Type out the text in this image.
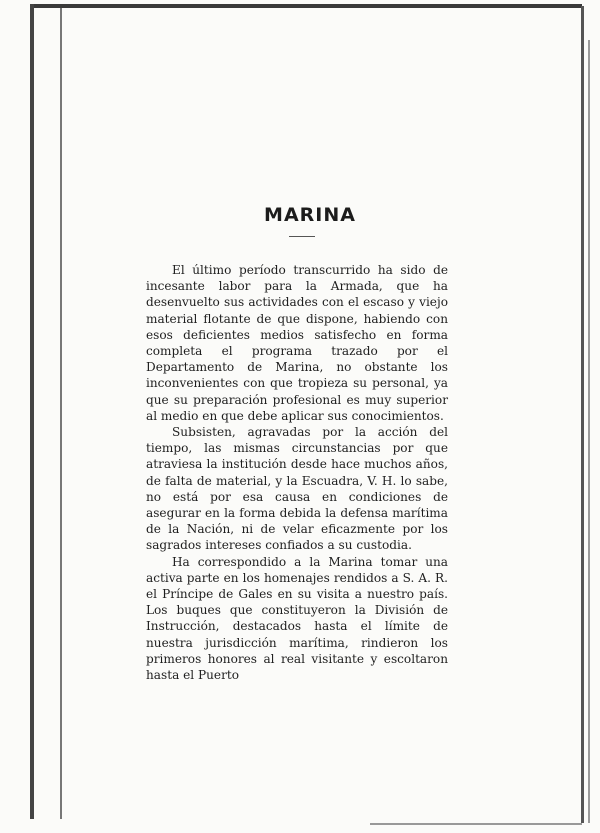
MARINA

El último período transcurrido ha sido de incesante labor para la Armada, que ha desenvuelto sus actividades con el escaso y viejo material flotante de que dispone, habiendo con esos deficientes medios satisfecho en forma completa el programa trazado por el Departamento de Marina, no obstante los inconvenientes con que tropieza su personal, ya que su preparación profesional es muy superior al medio en que debe aplicar sus conocimientos.

Subsisten, agravadas por la acción del tiempo, las mismas circunstancias por que atraviesa la institución desde hace muchos años, de falta de material, y la Escuadra, V. H. lo sabe, no está por esa causa en condiciones de asegurar en la forma debida la defensa marítima de la Nación, ni de velar eficazmente por los sagrados intereses confiados a su custodia.

Ha correspondido a la Marina tomar una activa parte en los homenajes rendidos a S. A. R. el Príncipe de Gales en su visita a nuestro país. Los buques que constituyeron la División de Instrucción, destacados hasta el límite de nuestra jurisdicción marítima, rindieron los primeros honores al real visitante y escoltaron hasta el Puerto
